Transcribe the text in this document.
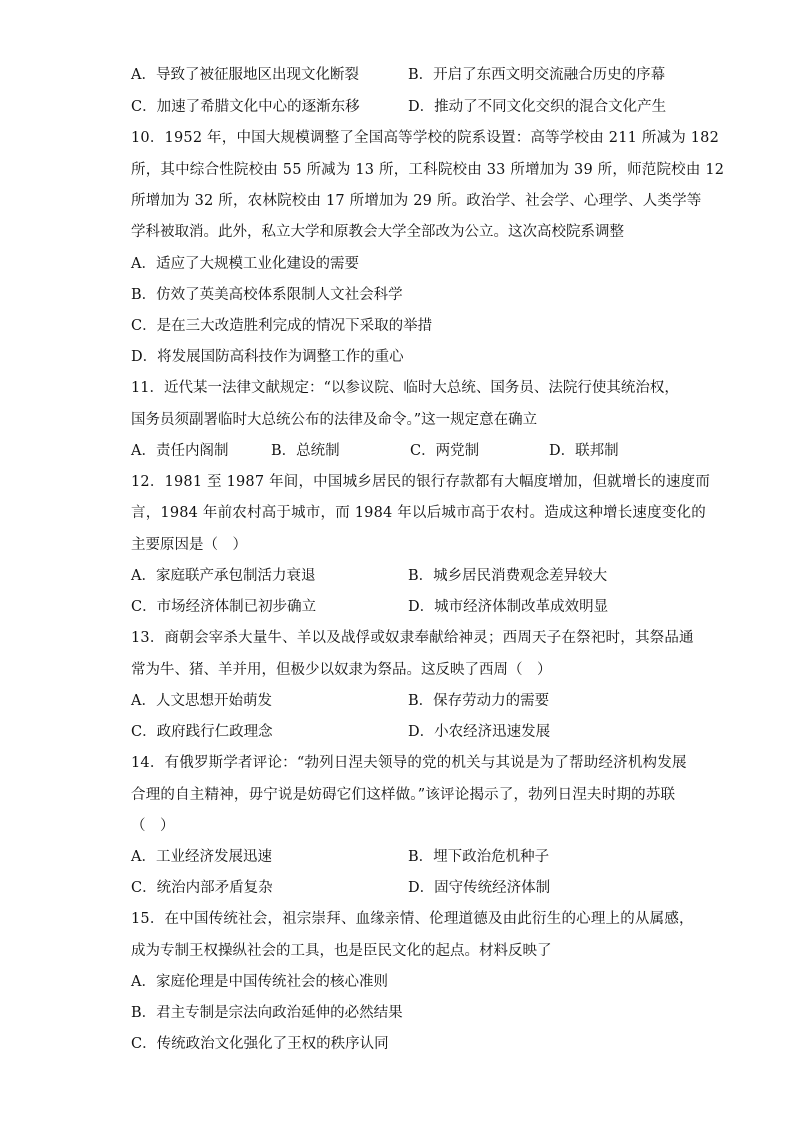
A．导致了被征服地区出现文化断裂	B．开启了东西文明交流融合历史的序幕
C．加速了希腊文化中心的逐渐东移	D．推动了不同文化交织的混合文化产生
10．1952 年，中国大规模调整了全国高等学校的院系设置：高等学校由 211 所减为 182
所，其中综合性院校由 55 所减为 13 所，工科院校由 33 所增加为 39 所，师范院校由 12
所增加为 32 所，农林院校由 17 所增加为 29 所。政治学、社会学、心理学、人类学等
学科被取消。此外，私立大学和原教会大学全部改为公立。这次高校院系调整
A．适应了大规模工业化建设的需要
B．仿效了英美高校体系限制人文社会科学
C．是在三大改造胜利完成的情况下采取的举措
D．将发展国防高科技作为调整工作的重心
11．近代某一法律文献规定：“以参议院、临时大总统、国务员、法院行使其统治权，
国务员须副署临时大总统公布的法律及命令。”这一规定意在确立
A．责任内阁制	B．总统制	C．两党制	D．联邦制
12．1981 至 1987 年间，中国城乡居民的银行存款都有大幅度增加，但就增长的速度而
言，1984 年前农村高于城市，而 1984 年以后城市高于农村。造成这种增长速度变化的
主要原因是（　）
A．家庭联产承包制活力衰退	B．城乡居民消费观念差异较大
C．市场经济体制已初步确立	D．城市经济体制改革成效明显
13．商朝会宰杀大量牛、羊以及战俘或奴隶奉献给神灵；西周天子在祭祀时，其祭品通
常为牛、猪、羊并用，但极少以奴隶为祭品。这反映了西周（　）
A．人文思想开始萌发	B．保存劳动力的需要
C．政府践行仁政理念	D．小农经济迅速发展
14．有俄罗斯学者评论：“勃列日涅夫领导的党的机关与其说是为了帮助经济机构发展
合理的自主精神，毋宁说是妨碍它们这样做。”该评论揭示了，勃列日涅夫时期的苏联
（　）
A．工业经济发展迅速	B．埋下政治危机种子
C．统治内部矛盾复杂	D．固守传统经济体制
15．在中国传统社会，祖宗崇拜、血缘亲情、伦理道德及由此衍生的心理上的从属感，
成为专制王权操纵社会的工具，也是臣民文化的起点。材料反映了
A．家庭伦理是中国传统社会的核心准则
B．君主专制是宗法向政治延伸的必然结果
C．传统政治文化强化了王权的秩序认同
